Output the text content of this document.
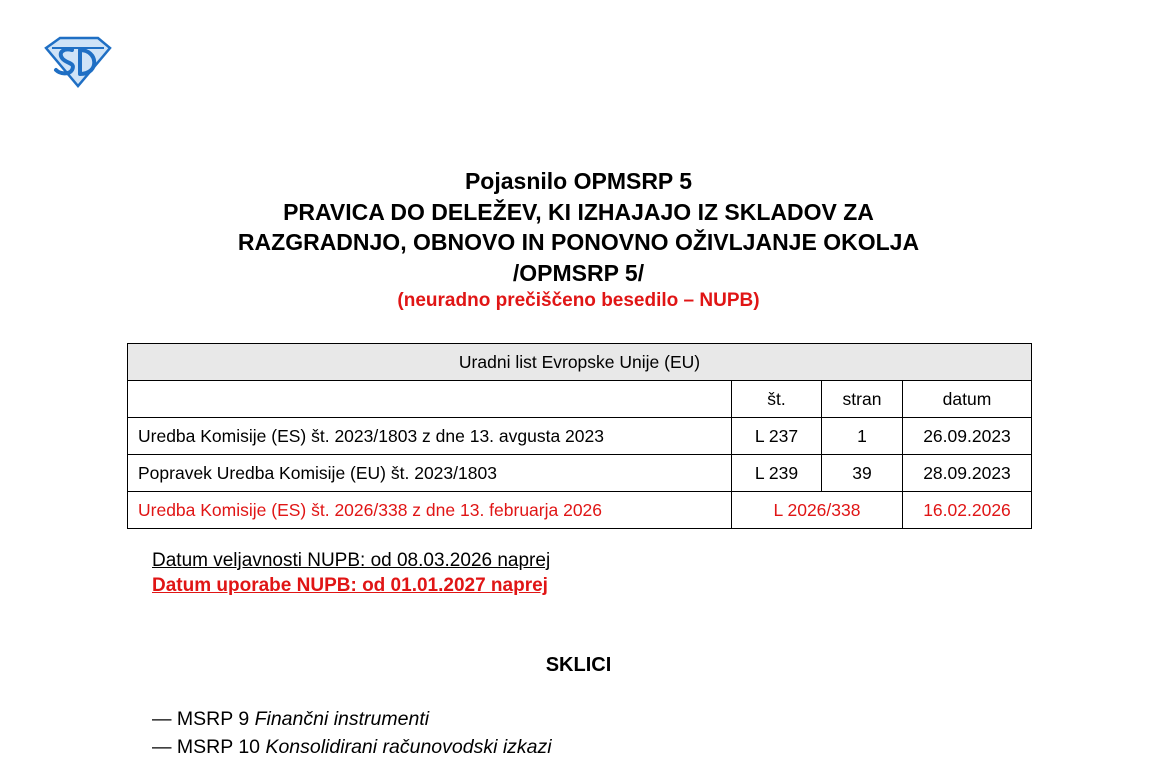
Pojasnilo OPMSRP 5
PRAVICA DO DELEŽEV, KI IZHAJAJO IZ SKLADOV ZA
RAZGRADNJO, OBNOVO IN PONOVNO OŽIVLJANJE OKOLJA
/OPMSRP 5/
(neuradno prečiščeno besedilo – NUPB)
Uradni list Evropske Unije (EU)			
	št.	stran	datum
Uredba Komisije (ES) št. 2023/1803 z dne 13. avgusta 2023	L 237	1	26.09.2023
Popravek Uredba Komisije (EU) št. 2023/1803	L 239	39	28.09.2023
Uredba Komisije (ES) št. 2026/338 z dne 13. februarja 2026	L 2026/338		16.02.2026
Datum veljavnosti NUPB: od 08.03.2026 naprej
Datum uporabe NUPB: od 01.01.2027 naprej
SKLICI
— MSRP 9 Finančni instrumenti
— MSRP 10 Konsolidirani računovodski izkazi
